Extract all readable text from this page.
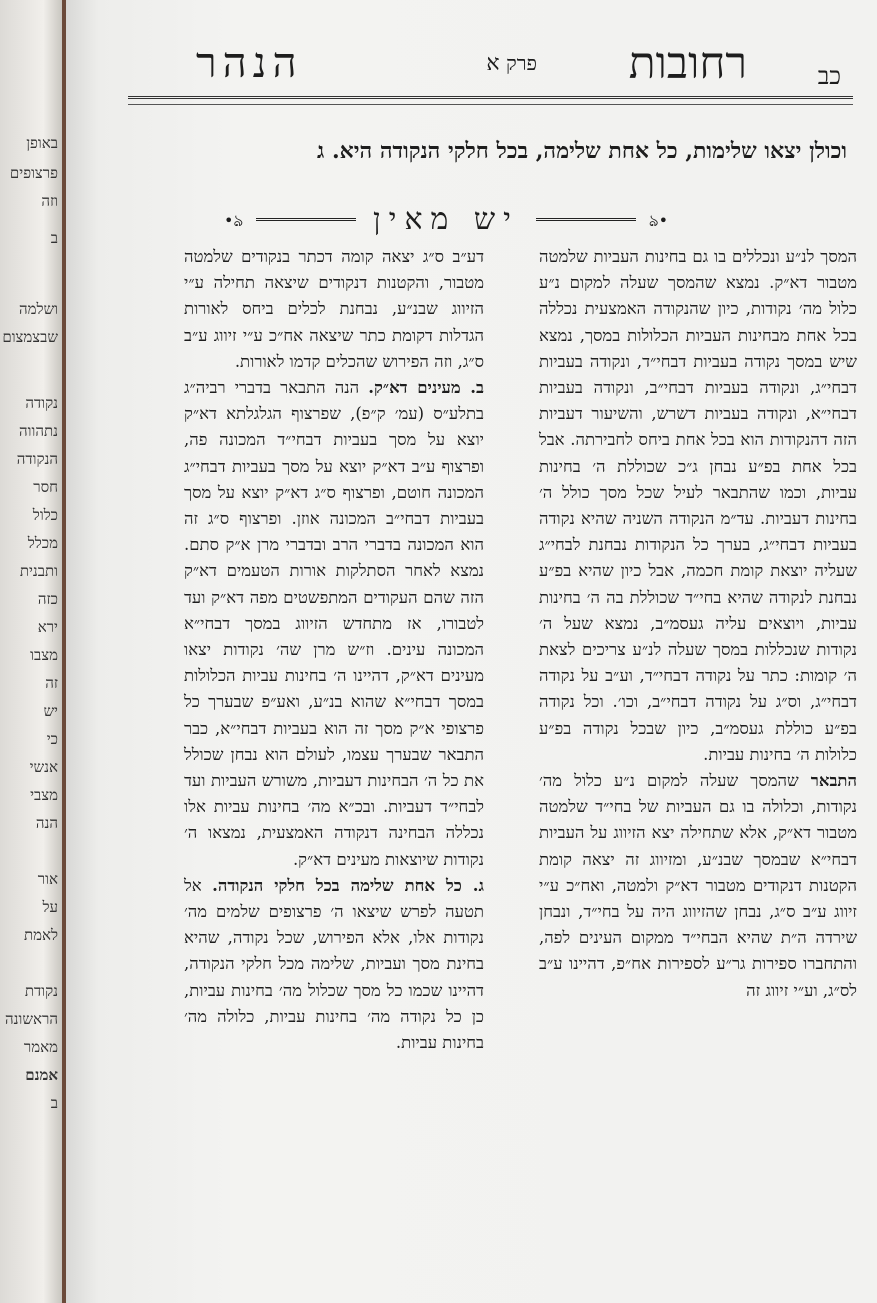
באופן
פרצופים
וזה
ב
ושלמה
שבצמצום
נקודה
נתהווה
הנקודה
חסר
כלול
מכלל
ותבנית
כזה
ירא
מצבו
זה
יש
כי
אנשי
מצבי
הנה
אור
על
לאמת
נקודת
הראשונה
מאמר
אמנם
ב
כב
רחובות
פרק א
הנהר
וכולן יצאו שלימות, כל אחת שלימה, בכל חלקי הנקודה היא. ג
•ঌ
יש מאין
ঌ•

המסך לנ״ע ונכללים בו גם בחינות העביות שלמטה מטבור דא״ק. נמצא שהמסך שעלה למקום נ״ע כלול מה׳ נקודות, כיון שהנקודה האמצעית נכללה בכל אחת מבחינות העביות הכלולות במסך, נמצא שיש במסך נקודה בעביות דבחי״ד, ונקודה בעביות דבחי״ג, ונקודה בעביות דבחי״ב, ונקודה בעביות דבחי״א, ונקודה בעביות דשרש, והשיעור דעביות הזה דהנקודות הוא בכל אחת ביחס לחבירתה. אבל בכל אחת בפ״ע נבחן ג״כ שכוללת ה׳ בחינות עביות, וכמו שהתבאר לעיל שכל מסך כולל ה׳ בחינות דעביות. עד״מ הנקודה השניה שהיא נקודה בעביות דבחי״ג, בערך כל הנקודות נבחנת לבחי״ג שעליה יוצאת קומת חכמה, אבל כיון שהיא בפ״ע נבחנת לנקודה שהיא בחי״ד שכוללת בה ה׳ בחינות עביות, ויוצאים עליה געסמ״ב, נמצא שעל ה׳ נקודות שנכללות במסך שעלה לנ״ע צריכים לצאת ה׳ קומות: כתר על נקודה דבחי״ד, וע״ב על נקודה דבחי״ג, וס״ג על נקודה דבחי״ב, וכו׳. וכל נקודה בפ״ע כוללת געסמ״ב, כיון שבכל נקודה בפ״ע כלולות ה׳ בחינות עביות.

התבאר שהמסך שעלה למקום נ״ע כלול מה׳ נקודות, וכלולה בו גם העביות של בחי״ד שלמטה מטבור דא״ק, אלא שתחילה יצא הזיווג על העביות דבחי״א שבמסך שבנ״ע, ומזיווג זה יצאה קומת הקטנות דנקודים מטבור דא״ק ולמטה, ואח״כ ע״י זיווג ע״ב ס״ג, נבחן שהזיווג היה על בחי״ד, ונבחן שירדה ה״ת שהיא הבחי״ד ממקום העינים לפה, והתחברו ספירות גר״ע לספירות אח״פ, דהיינו ע״ב לס״ג, וע״י זיווג זה

דע״ב ס״ג יצאה קומה דכתר בנקודים שלמטה מטבור, והקטנות דנקודים שיצאה תחילה ע״י הזיווג שבנ״ע, נבחנת לכלים ביחס לאורות הגדלות דקומת כתר שיצאה אח״כ ע״י זיווג ע״ב ס״ג, וזה הפירוש שהכלים קדמו לאורות.

ב. מעינים דא״ק. הנה התבאר בדברי רביה״ג בתלע״ס (עמ׳ ק״פ), שפרצוף הגלגלתא דא״ק יוצא על מסך בעביות דבחי״ד המכונה פה, ופרצוף ע״ב דא״ק יוצא על מסך בעביות דבחי״ג המכונה חוטם, ופרצוף ס״ג דא״ק יוצא על מסך בעביות דבחי״ב המכונה אוזן. ופרצוף ס״ג זה הוא המכונה בדברי הרב ובדברי מרן א״ק סתם. נמצא לאחר הסתלקות אורות הטעמים דא״ק הזה שהם העקודים המתפשטים מפה דא״ק ועד לטבורו, אז מתחדש הזיווג במסך דבחי״א המכונה עינים. וז״ש מרן שה׳ נקודות יצאו מעינים דא״ק, דהיינו ה׳ בחינות עביות הכלולות במסך דבחי״א שהוא בנ״ע, ואע״פ שבערך כל פרצופי א״ק מסך זה הוא בעביות דבחי״א, כבר התבאר שבערך עצמו, לעולם הוא נבחן שכולל את כל ה׳ הבחינות דעביות, משורש העביות ועד לבחי״ד דעביות. ובכ״א מה׳ בחינות עביות אלו נכללה הבחינה דנקודה האמצעית, נמצאו ה׳ נקודות שיוצאות מעינים דא״ק.

ג. כל אחת שלימה בכל חלקי הנקודה. אל תטעה לפרש שיצאו ה׳ פרצופים שלמים מה׳ נקודות אלו, אלא הפירוש, שכל נקודה, שהיא בחינת מסך ועביות, שלימה מכל חלקי הנקודה, דהיינו שכמו כל מסך שכלול מה׳ בחינות עביות, כן כל נקודה מה׳ בחינות עביות, כלולה מה׳ בחינות עביות.
